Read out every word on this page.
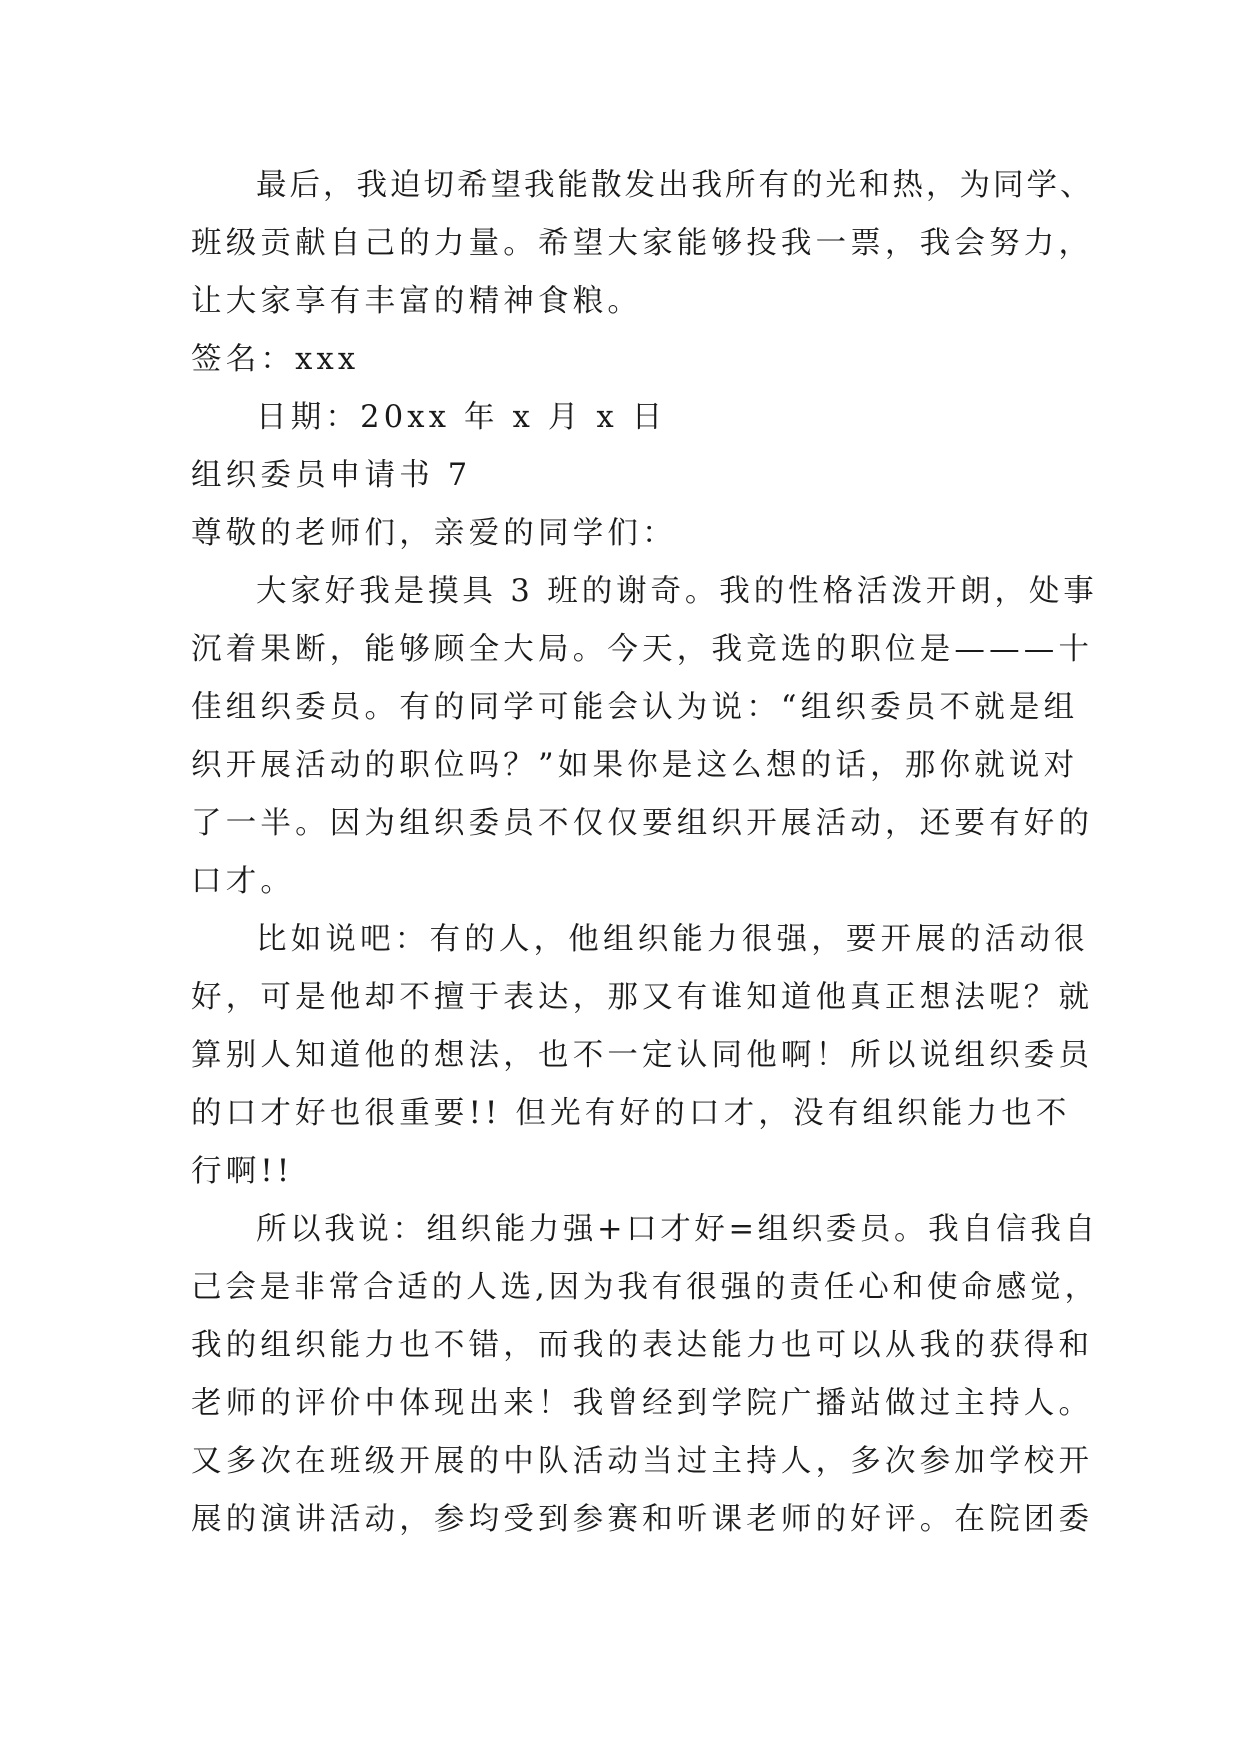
最后，我迫切希望我能散发出我所有的光和热，为同学、
班级贡献自己的力量。希望大家能够投我一票，我会努力，
让大家享有丰富的精神食粮。
签名：xxx
日期：20xx 年 x 月 x 日
组织委员申请书 7
尊敬的老师们，亲爱的同学们：
大家好我是摸具 3 班的谢奇。我的性格活泼开朗，处事
沉着果断，能够顾全大局。今天，我竞选的职位是———十
佳组织委员。有的同学可能会认为说：“组织委员不就是组
织开展活动的职位吗？”如果你是这么想的话，那你就说对
了一半。因为组织委员不仅仅要组织开展活动，还要有好的
口才。
比如说吧：有的人，他组织能力很强，要开展的活动很
好，可是他却不擅于表达，那又有谁知道他真正想法呢？就
算别人知道他的想法，也不一定认同他啊！所以说组织委员
的口才好也很重要!! 但光有好的口才，没有组织能力也不
行啊!!
所以我说：组织能力强+口才好=组织委员。我自信我自
己会是非常合适的人选,因为我有很强的责任心和使命感觉，
我的组织能力也不错，而我的表达能力也可以从我的获得和
老师的评价中体现出来！我曾经到学院广播站做过主持人。
又多次在班级开展的中队活动当过主持人，多次参加学校开
展的演讲活动，参均受到参赛和听课老师的好评。在院团委
